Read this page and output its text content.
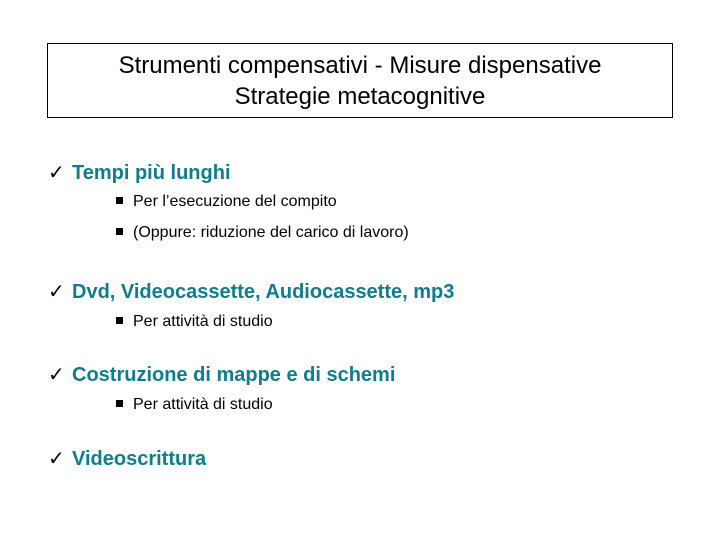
Strumenti compensativi - Misure dispensative
Strategie metacognitive
✓ Tempi più lunghi
Per l’esecuzione del compito
(Oppure: riduzione del carico di lavoro)
✓ Dvd, Videocassette, Audiocassette, mp3
Per attività di studio
✓ Costruzione di mappe e di schemi
Per attività di studio
✓ Videoscrittura
